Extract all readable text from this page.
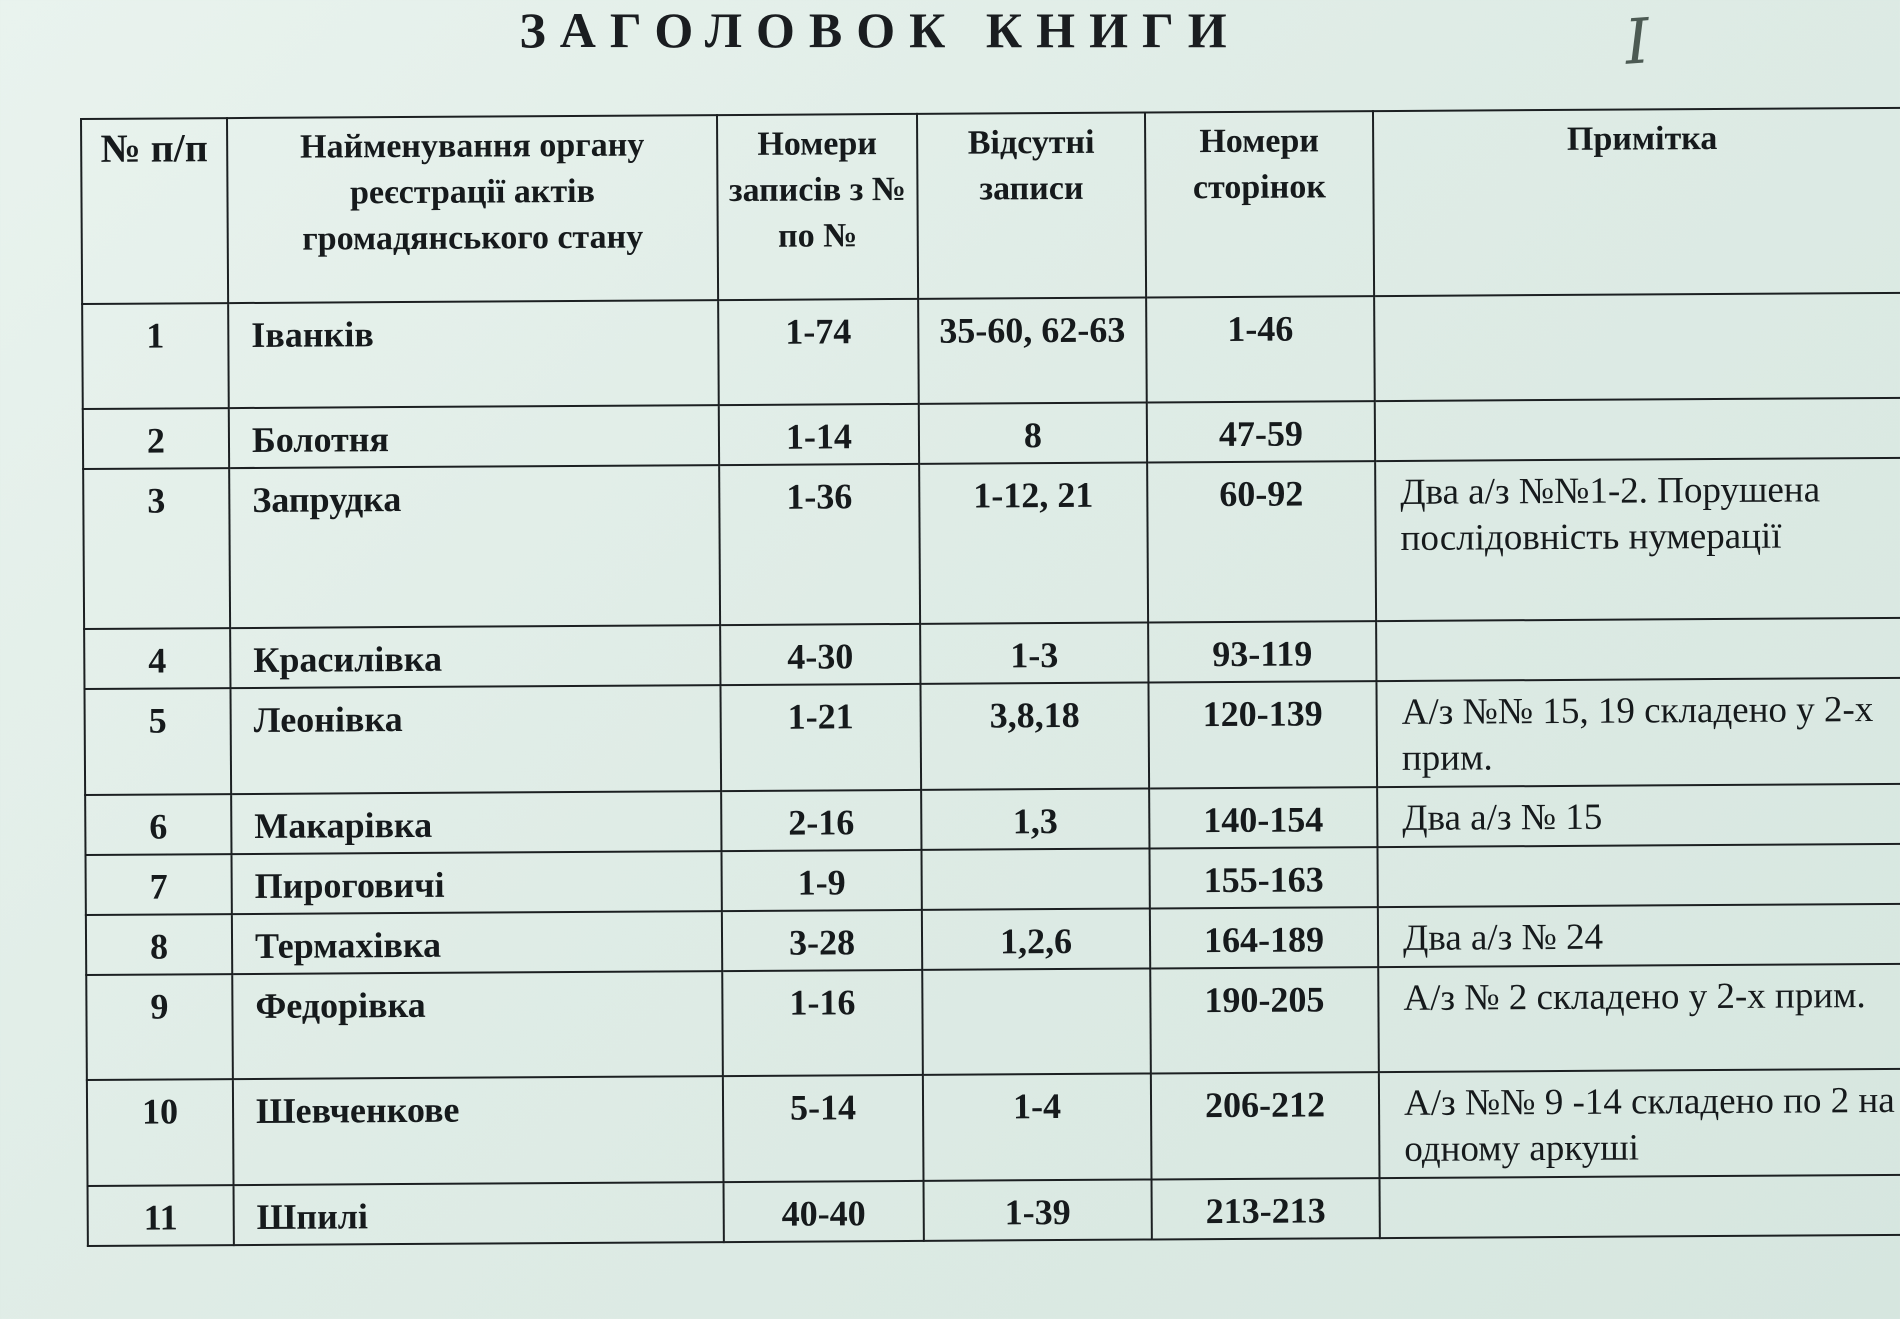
ЗАГОЛОВОК КНИГИ	I
№ п/п	Найменування органу реєстрації актів громадянського стану	Номери записів з № по №	Відсутні записи	Номери сторінок	Примітка
1	Іванків	1-74	35-60, 62-63	1-46	
2	Болотня	1-14	8	47-59	
3	Запрудка	1-36	1-12, 21	60-92	Два а/з №№1-2. Порушена послідовність нумерації
4	Красилівка	4-30	1-3	93-119	
5	Леонівка	1-21	3,8,18	120-139	А/з №№ 15, 19 складено у 2-х прим.
6	Макарівка	2-16	1,3	140-154	Два а/з № 15
7	Пироговичі	1-9		155-163	
8	Термахівка	3-28	1,2,6	164-189	Два а/з № 24
9	Федорівка	1-16		190-205	А/з № 2 складено у 2-х прим.
10	Шевченкове	5-14	1-4	206-212	А/з №№ 9 -14 складено по 2 на одному аркуші
11	Шпилі	40-40	1-39	213-213	
